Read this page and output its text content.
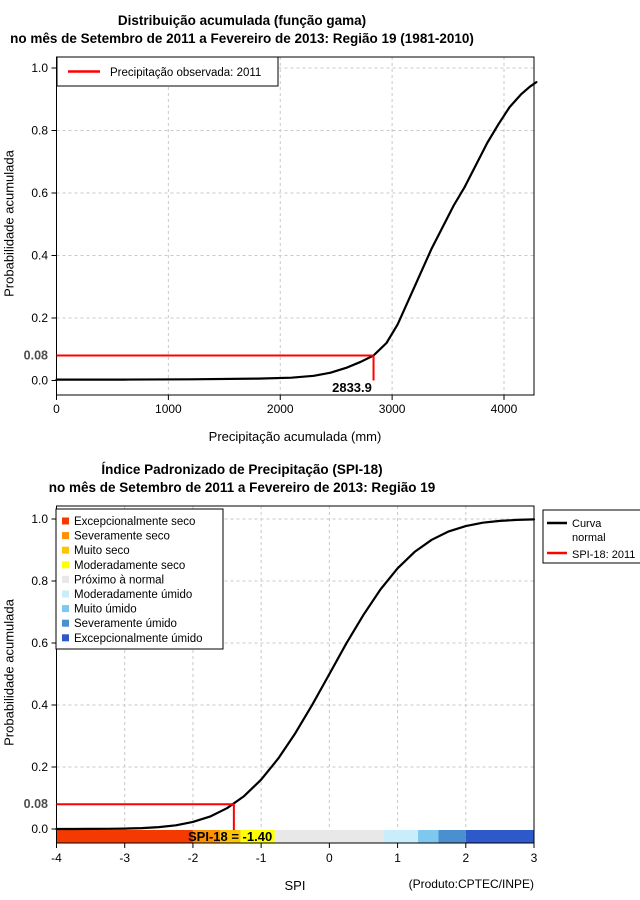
Distribuição acumulada (função gama)
no mês de Setembro de 2011 a Fevereiro de 2013: Região 19 (1981-2010)
Probabilidade acumulada
Precipitação acumulada (mm)
Índice Padronizado de Precipitação (SPI-18)
no mês de Setembro de 2011 a Fevereiro de 2013: Região 19
Probabilidade acumulada
SPI	(Produto:CPTEC/INPE)
0	1000	2000	3000	4000
0.0
0.2
0.4
0.6
0.8
1.0
0.08
-4	-3	-2	-1	0	1	2	3
0.0
0.2
0.4
0.6
0.8
1.0
0.08
2833.9
SPI-18 = -1.40
Precipitação observada: 2011
Excepcionalmente seco
Severamente seco
Muito seco
Moderadamente seco
Próximo à normal
Moderadamente úmido
Muito úmido
Severamente úmido
Excepcionalmente úmido
Curva
normal
SPI-18: 2011
